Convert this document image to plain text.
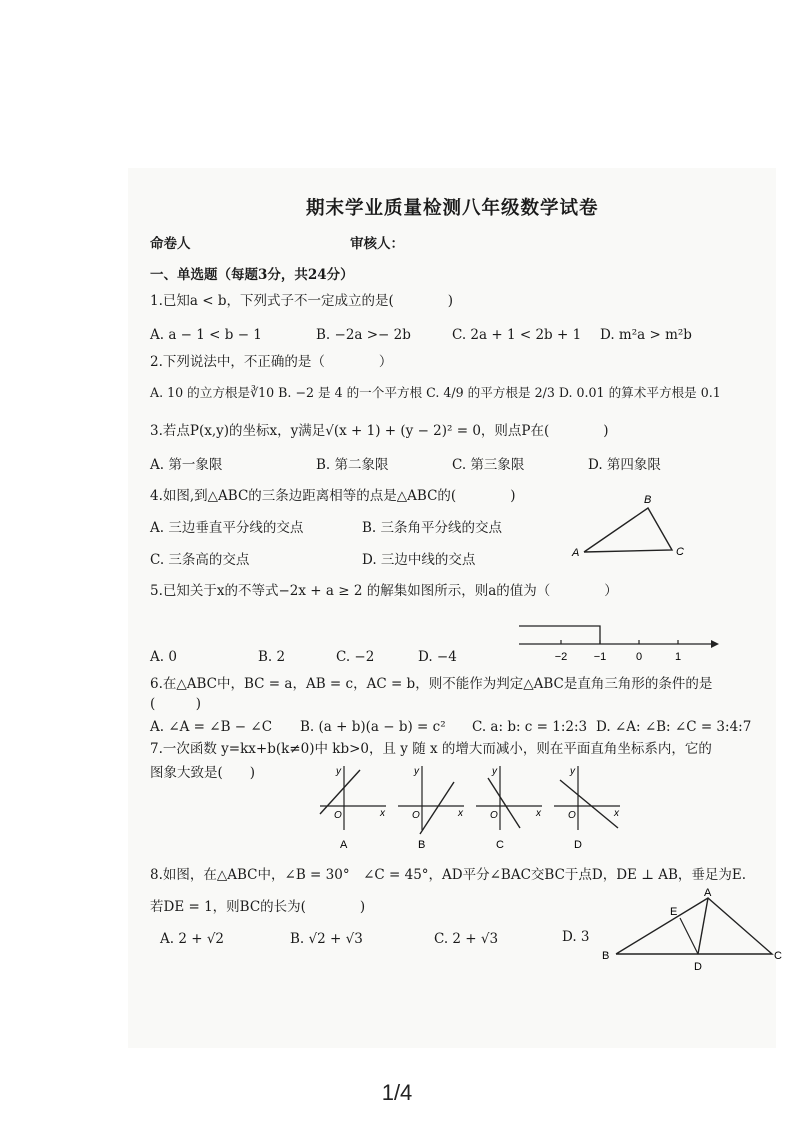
期末学业质量检测八年级数学试卷
命卷人	审核人：
一、单选题（每题3分，共24分）
1.已知a < b，下列式子不一定成立的是(　　　　)
A. a − 1 < b − 1	B. −2a >− 2b	C. 2a + 1 < 2b + 1 D. m²a > m²b
2.下列说法中，不正确的是（　　　　）
A. 10 的立方根是∛10 B. −2 是 4 的一个平方根 C. 4/9 的平方根是 2/3 D. 0.01 的算术平方根是 0.1
3.若点P(x,y)的坐标x，y满足√(x + 1) + (y − 2)² = 0，则点P在(　　　　)
A. 第一象限	B. 第二象限	C. 第三象限	D. 第四象限
4.如图,到△ABC的三条边距离相等的点是△ABC的(　　　　)
A. 三边垂直平分线的交点	B. 三条角平分线的交点
C. 三条高的交点	D. 三边中线的交点	A
B
C
5.已知关于x的不等式−2x + a ≥ 2 的解集如图所示，则a的值为（　　　　）
A. 0	B. 2	C. −2	D. −4	−2 −1	0	1
6.在△ABC中，BC = a，AB = c，AC = b，则不能作为判定△ABC是直角三角形的条件的是
(　　　)
A. ∠A = ∠B − ∠C B. (a + b)(a − b) = c² C. a: b: c = 1:2:3 D. ∠A: ∠B: ∠C = 3:4:7
7.一次函数 y=kx+b(k≠0)中 kb>0，且 y 随 x 的增大而减小，则在平面直角坐标系内，它的
图象大致是(　　)	y
x
O
A
y
x
O
B
y
x
O
C
y
x
O
D
8.如图，在△ABC中，∠B = 30°　∠C = 45°，AD平分∠BAC交BC于点D，DE ⊥ AB，垂足为E.
若DE = 1，则BC的长为(　　　　)
A. 2 + √2	B. √2 + √3	C. 2 + √3	D. 3
A
B	C
D
E
1/4
